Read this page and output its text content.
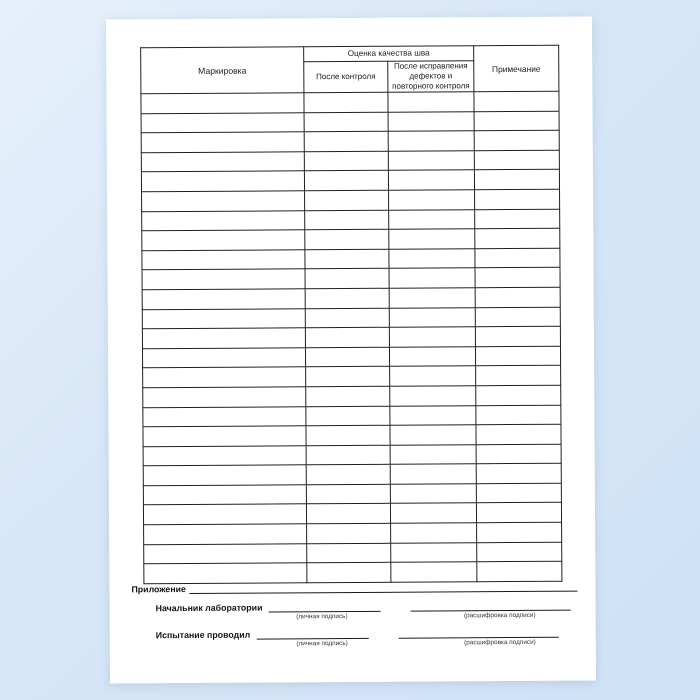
Маркировка	Оценка качества шва		Примечание
	После контроля	После исправления дефектов и повторного контроля	

Приложение
Начальник лаборатории
(личная подпись)	(расшифровка подписи)
Испытание проводил
(личная подпись)	(расшифровка подписи)
